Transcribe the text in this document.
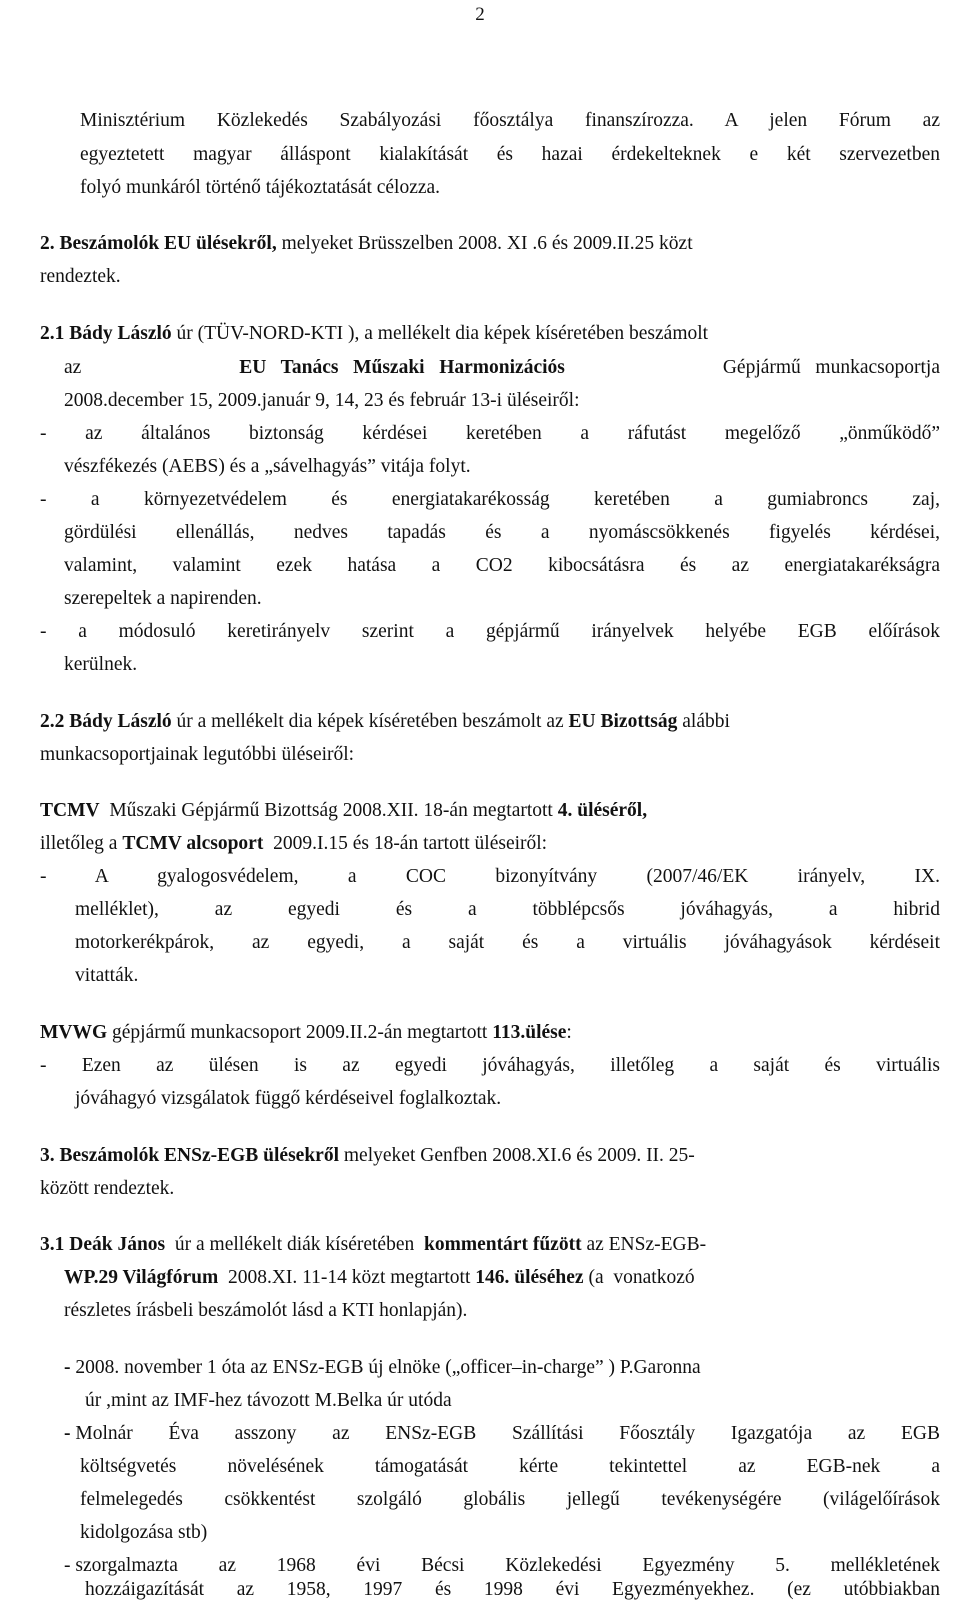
2
Minisztérium Közlekedés Szabályozási főosztálya finanszírozza. A jelen Fórum az
egyeztetett magyar álláspont kialakítását és hazai érdekelteknek e két szervezetben
folyó munkáról történő tájékoztatását célozza.
2. Beszámolók EU ülésekről, melyeket Brüsszelben 2008. XI .6 és 2009.II.25 közt
rendeztek.
2.1 Bády László úr (TÜV-NORD-KTI ), a mellékelt dia képek kíséretében beszámolt
az	EU   Tanács   Műszaki   Harmonizációs	Gépjármű   munkacsoportja
2008.december 15, 2009.január 9, 14, 23 és február 13-i üléseiről:
- az általános biztonság kérdései keretében a ráfutást megelőző „önműködő”
vészfékezés (AEBS) és a „sávelhagyás” vitája folyt.
- a környezetvédelem és energiatakarékosság keretében a gumiabroncs zaj,
gördülési ellenállás, nedves tapadás és a nyomáscsökkenés figyelés kérdései,
valamint, valamint ezek hatása a CO2 kibocsátásra és az energiatakarékságra
szerepeltek a napirenden.
- a módosuló keretirányelv szerint a gépjármű irányelvek helyébe EGB előírások
kerülnek.
2.2 Bády László úr a mellékelt dia képek kíséretében beszámolt az EU Bizottság alábbi
munkacsoportjainak legutóbbi üléseiről:
TCMV  Műszaki Gépjármű Bizottság 2008.XII. 18-án megtartott 4. üléséről,
illetőleg a TCMV alcsoport  2009.I.15 és 18-án tartott üléseiről:
- A gyalogosvédelem, a COC bizonyítvány (2007/46/EK irányelv, IX.
melléklet), az egyedi és a többlépcsős jóváhagyás, a hibrid
motorkerékpárok, az egyedi, a saját és a virtuális jóváhagyások kérdéseit
vitatták.
MVWG gépjármű munkacsoport 2009.II.2-án megtartott 113.ülése:
- Ezen az ülésen is az egyedi jóváhagyás, illetőleg a saját és virtuális
jóváhagyó vizsgálatok függő kérdéseivel foglalkoztak.
3. Beszámolók ENSz-EGB ülésekről melyeket Genfben 2008.XI.6 és 2009. II. 25-
között rendeztek.
3.1 Deák János  úr a mellékelt diák kíséretében  kommentárt fűzött az ENSz-EGB-
WP.29 Világfórum  2008.XI. 11-14 közt megtartott 146. üléséhez (a  vonatkozó
részletes írásbeli beszámolót lásd a KTI honlapján).
- 2008. november 1 óta az ENSz-EGB új elnöke („officer–in-charge” ) P.Garonna
úr ,mint az IMF-hez távozott M.Belka úr utóda
- Molnár Éva asszony az ENSz-EGB Szállítási Főosztály Igazgatója az EGB
költségvetés növelésének támogatását kérte tekintettel az EGB-nek a
felmelegedés csökkentést szolgáló globális jellegű tevékenységére (világelőírások
kidolgozása stb)
- szorgalmazta az 1968 évi Bécsi Közlekedési Egyezmény 5. mellékletének
hozzáigazítását az 1958, 1997 és 1998 évi Egyezményekhez. (ez utóbbiakban
